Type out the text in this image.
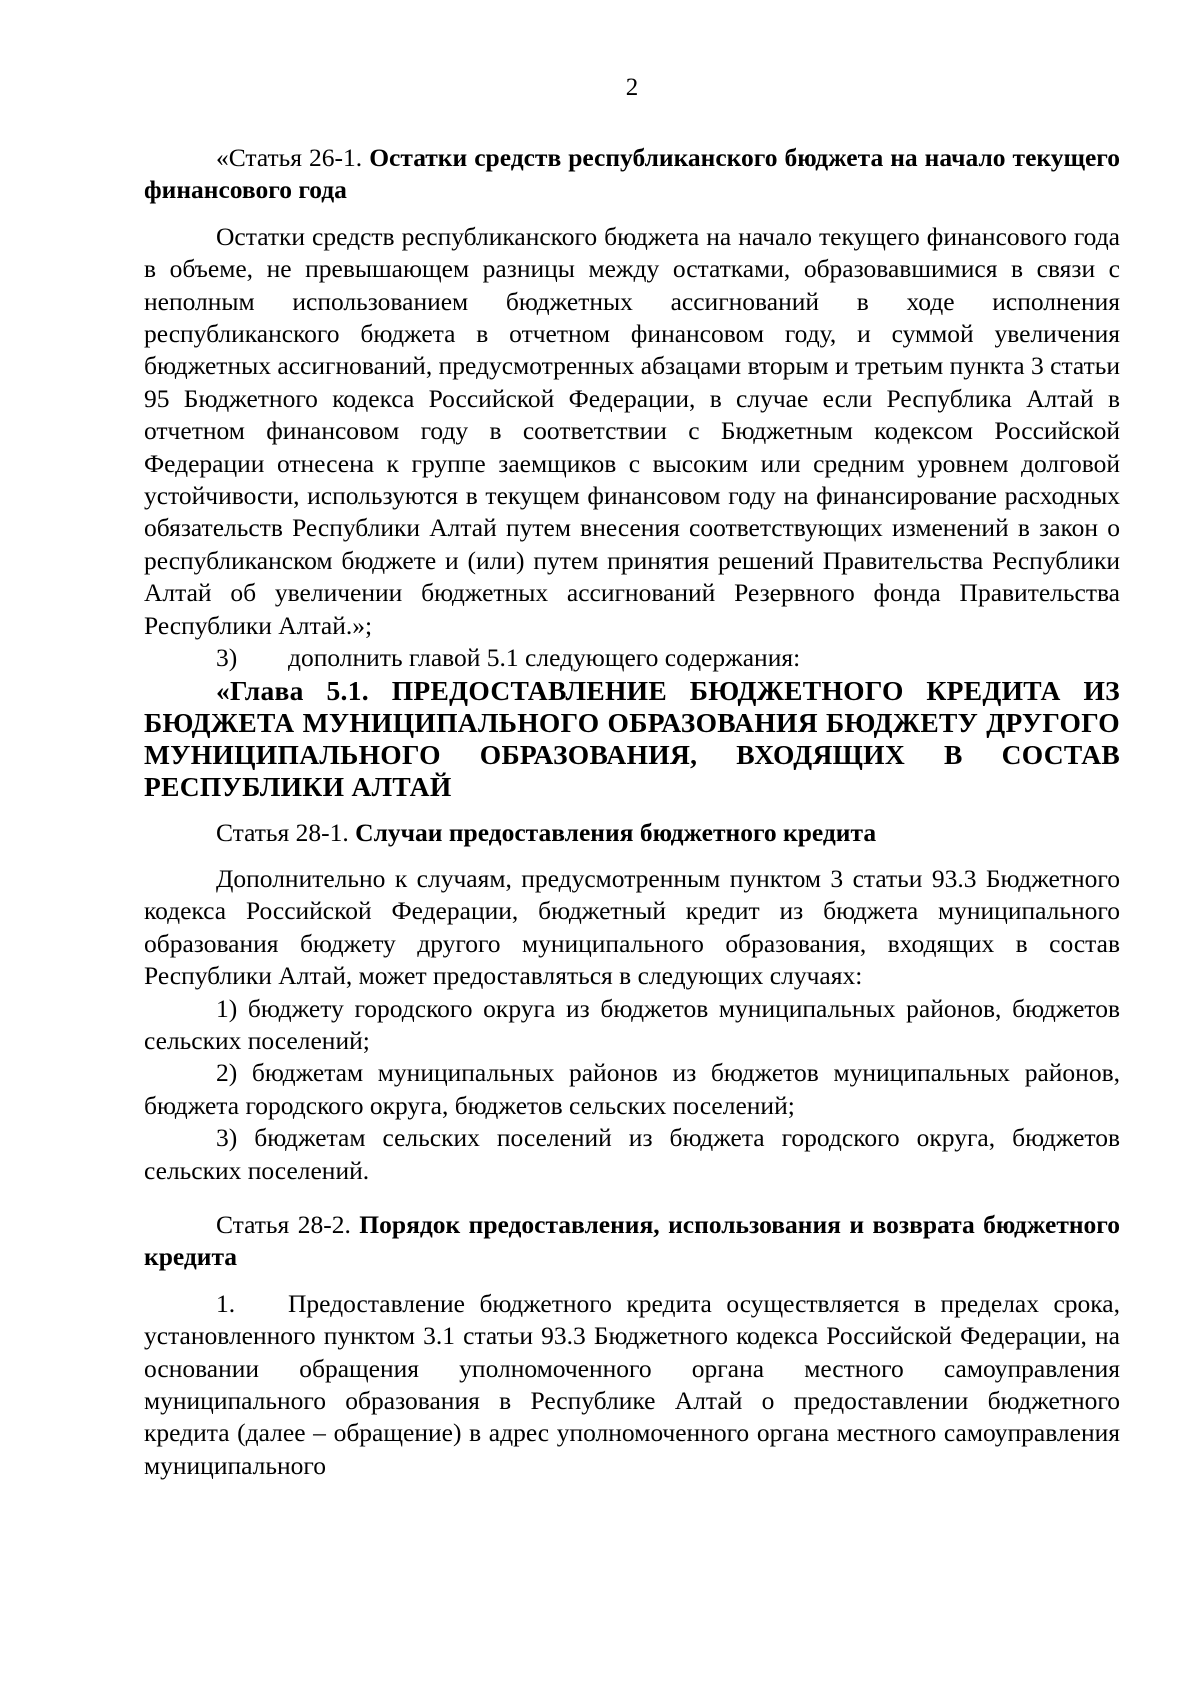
2

«Статья 26-1. Остатки средств республиканского бюджета на начало текущего финансового года

Остатки средств республиканского бюджета на начало текущего финансового года в объеме, не превышающем разницы между остатками, образовавшимися в связи с неполным использованием бюджетных ассигнований в ходе исполнения республиканского бюджета в отчетном финансовом году, и суммой увеличения бюджетных ассигнований, предусмотренных абзацами вторым и третьим пункта 3 статьи 95 Бюджетного кодекса Российской Федерации, в случае если Республика Алтай в отчетном финансовом году в соответствии с Бюджетным кодексом Российской Федерации отнесена к группе заемщиков с высоким или средним уровнем долговой устойчивости, используются в текущем финансовом году на финансирование расходных обязательств Республики Алтай путем внесения соответствующих изменений в закон о республиканском бюджете и (или) путем принятия решений Правительства Республики Алтай об увеличении бюджетных ассигнований Резервного фонда Правительства Республики Алтай.»;

3) дополнить главой 5.1 следующего содержания:

«Глава 5.1. ПРЕДОСТАВЛЕНИЕ БЮДЖЕТНОГО КРЕДИТА ИЗ БЮДЖЕТА МУНИЦИПАЛЬНОГО ОБРАЗОВАНИЯ БЮДЖЕТУ ДРУГОГО МУНИЦИПАЛЬНОГО ОБРАЗОВАНИЯ, ВХОДЯЩИХ В СОСТАВ РЕСПУБЛИКИ АЛТАЙ

Статья 28-1. Случаи предоставления бюджетного кредита

Дополнительно к случаям, предусмотренным пунктом 3 статьи 93.3 Бюджетного кодекса Российской Федерации, бюджетный кредит из бюджета муниципального образования бюджету другого муниципального образования, входящих в состав Республики Алтай, может предоставляться в следующих случаях:

1) бюджету городского округа из бюджетов муниципальных районов, бюджетов сельских поселений;

2) бюджетам муниципальных районов из бюджетов муниципальных районов, бюджета городского округа, бюджетов сельских поселений;

3) бюджетам сельских поселений из бюджета городского округа, бюджетов сельских поселений.

Статья 28-2. Порядок предоставления, использования и возврата бюджетного кредита

1. Предоставление бюджетного кредита осуществляется в пределах срока, установленного пунктом 3.1 статьи 93.3 Бюджетного кодекса Российской Федерации, на основании обращения уполномоченного органа местного самоуправления муниципального образования в Республике Алтай о предоставлении бюджетного кредита (далее – обращение) в адрес уполномоченного органа местного самоуправления муниципального
